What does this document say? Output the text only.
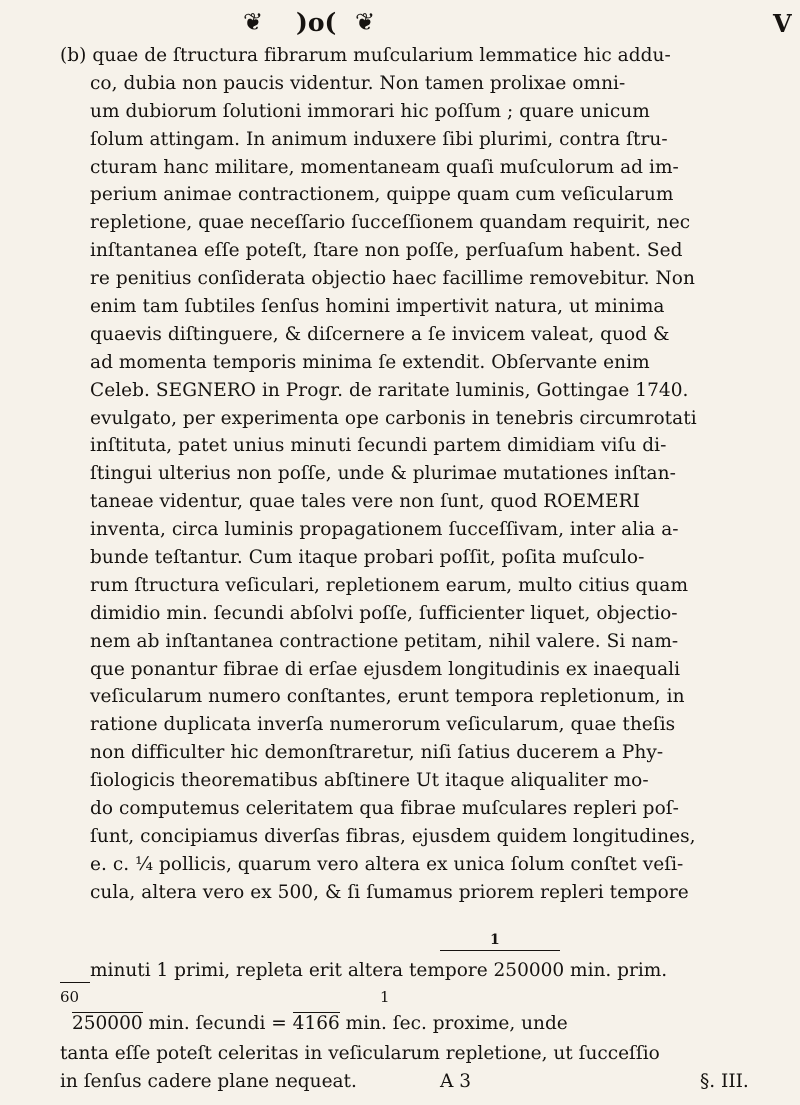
❦ )o( ❦	V
(b) quae de ſtructura fibrarum muſcularium lemmatice hic addu-
co, dubia non paucis videntur. Non tamen prolixae omni-
um dubiorum ſolutioni immorari hic poſſum ; quare unicum
ſolum attingam. In animum induxere ſibi plurimi, contra ſtru-
cturam hanc militare, momentaneam quaſi muſculorum ad im-
perium animae contractionem, quippe quam cum veſicularum
repletione, quae neceſſario ſucceſſionem quandam requirit, nec
inſtantanea eſſe poteſt, ſtare non poſſe, perſuaſum habent. Sed
re penitius conſiderata objectio haec facillime removebitur. Non
enim tam ſubtiles ſenſus homini impertivit natura, ut minima
quaevis diſtinguere, & diſcernere a ſe invicem valeat, quod &
ad momenta temporis minima ſe extendit. Obſervante enim
Celeb. SEGNERO in Progr. de raritate luminis, Gottingae 1740.
evulgato, per experimenta ope carbonis in tenebris circumrotati
inſtituta, patet unius minuti ſecundi partem dimidiam viſu di-
ſtingui ulterius non poſſe, unde & plurimae mutationes inſtan-
taneae videntur, quae tales vere non ſunt, quod ROEMERI
inventa, circa luminis propagationem ſucceſſivam, inter alia a-
bunde teſtantur. Cum itaque probari poſſit, poſita muſculo-
rum ſtructura veſiculari, repletionem earum, multo citius quam
dimidio min. ſecundi abſolvi poſſe, ſufficienter liquet, objectio-
nem ab inſtantanea contractione petitam, nihil valere. Si nam-
que ponantur fibrae di erſae ejusdem longitudinis ex inaequali
veſicularum numero conſtantes, erunt tempora repletionum, in
ratione duplicata inverſa numerorum veſicularum, quae theſis
non difficulter hic demonſtraretur, niſi ſatius ducerem a Phy-
ſiologicis theorematibus abſtinere Ut itaque aliqualiter mo-
do computemus celeritatem qua fibrae muſculares repleri poſ-
ſunt, concipiamus diverſas fibras, ejusdem quidem longitudines,
e. c. ¼ pollicis, quarum vero altera ex unica ſolum conſtet veſi-
cula, altera vero ex 500, & ſi ſumamus priorem repleri tempore
1
minuti 1 primi, repleta erit altera tempore 250000 min. prim.
60	1
250000 min. ſecundi = 4166 min. ſec. proxime, unde
tanta eſſe poteſt celeritas in veſicularum repletione, ut ſucceſſio
in ſenſus cadere plane nequeat.	A 3	§. III.
